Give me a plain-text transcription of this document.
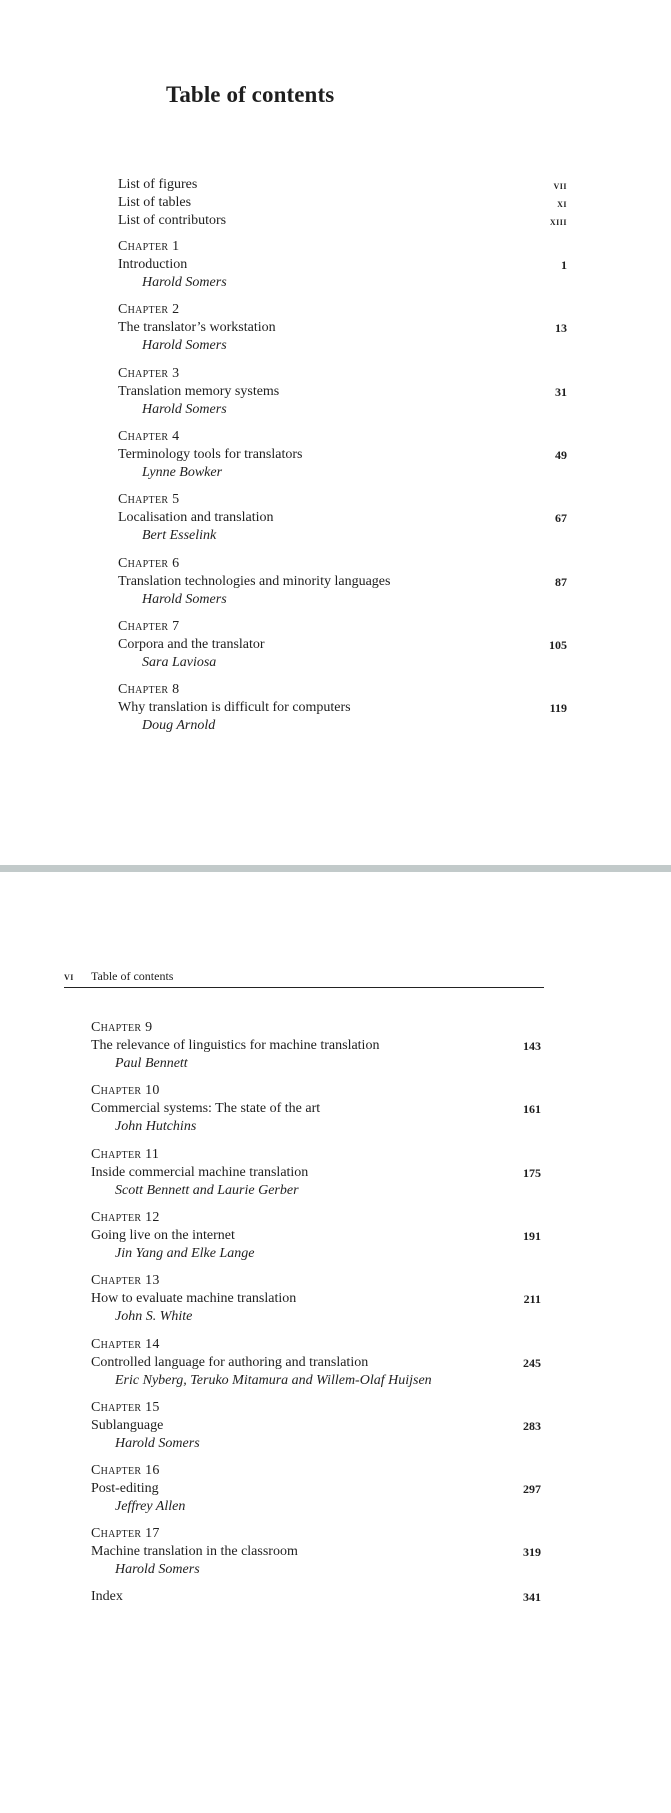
Table of contents
List of figures	vii
List of tables	xi
List of contributors	xiii
Chapter 1
Introduction	1
Harold Somers
Chapter 2
The translator’s workstation	13
Harold Somers
Chapter 3
Translation memory systems	31
Harold Somers
Chapter 4
Terminology tools for translators	49
Lynne Bowker
Chapter 5
Localisation and translation	67
Bert Esselink
Chapter 6
Translation technologies and minority languages	87
Harold Somers
Chapter 7
Corpora and the translator	105
Sara Laviosa
Chapter 8
Why translation is difficult for computers	119
Doug Arnold
vi Table of contents
Chapter 9
The relevance of linguistics for machine translation	143
Paul Bennett
Chapter 10
Commercial systems: The state of the art	161
John Hutchins
Chapter 11
Inside commercial machine translation	175
Scott Bennett and Laurie Gerber
Chapter 12
Going live on the internet	191
Jin Yang and Elke Lange
Chapter 13
How to evaluate machine translation	211
John S. White
Chapter 14
Controlled language for authoring and translation	245
Eric Nyberg, Teruko Mitamura and Willem-Olaf Huijsen
Chapter 15
Sublanguage	283
Harold Somers
Chapter 16
Post-editing	297
Jeffrey Allen
Chapter 17
Machine translation in the classroom	319
Harold Somers
Index	341
